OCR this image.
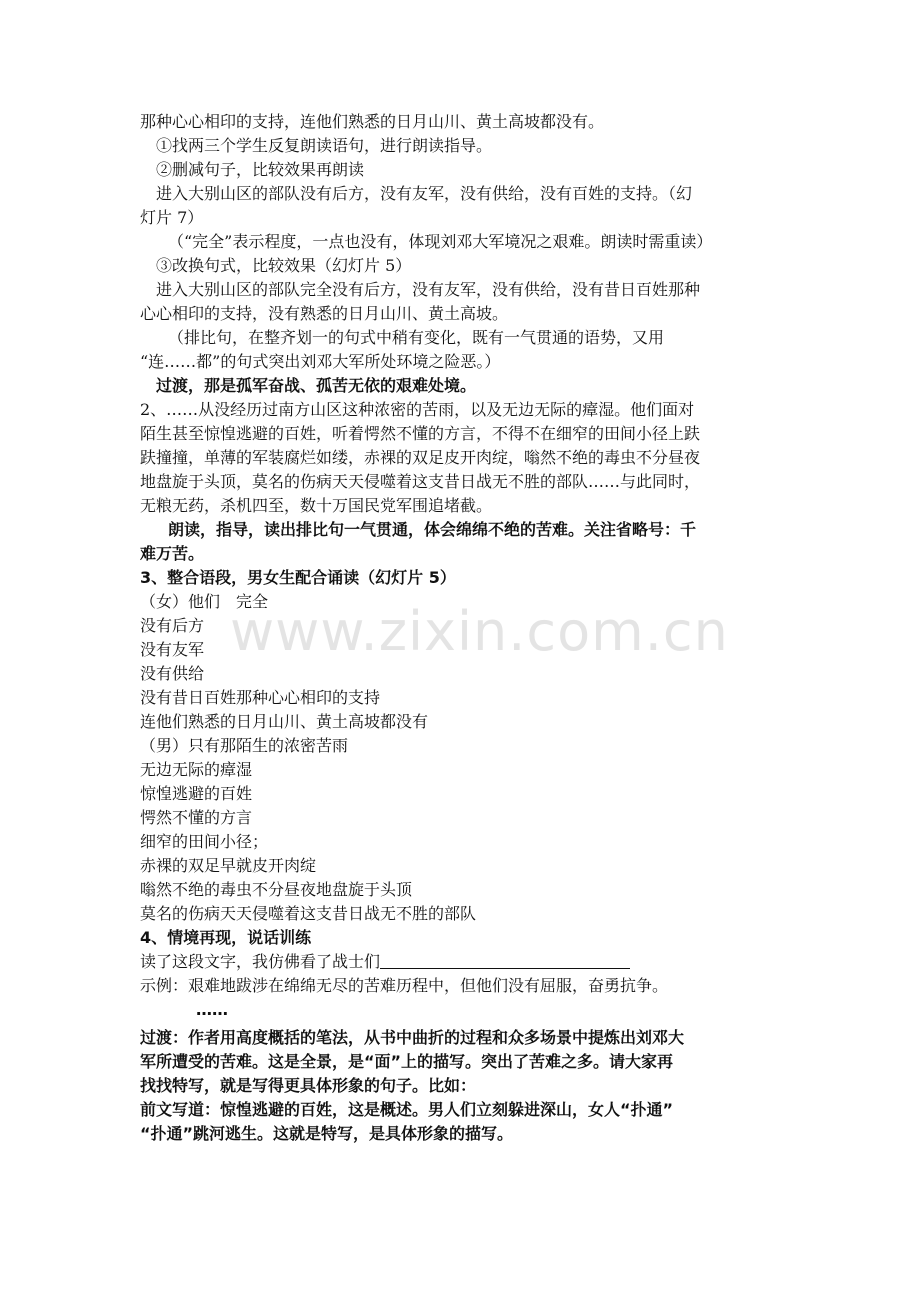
www.zixin.com.cn
那种心心相印的支持，连他们熟悉的日月山川、黄土高坡都没有。
①找两三个学生反复朗读语句，进行朗读指导。
②删减句子，比较效果再朗读
进入大别山区的部队没有后方，没有友军，没有供给，没有百姓的支持。（幻
灯片 7）
（“完全”表示程度，一点也没有，体现刘邓大军境况之艰难。朗读时需重读）
③改换句式，比较效果（幻灯片 5）
进入大别山区的部队完全没有后方，没有友军，没有供给，没有昔日百姓那种
心心相印的支持，没有熟悉的日月山川、黄土高坡。
（排比句，在整齐划一的句式中稍有变化，既有一气贯通的语势，又用
“连……都”的句式突出刘邓大军所处环境之险恶。）
过渡，那是孤军奋战、孤苦无依的艰难处境。
2、……从没经历过南方山区这种浓密的苦雨，以及无边无际的瘴湿。他们面对
陌生甚至惊惶逃避的百姓，听着愕然不懂的方言，不得不在细窄的田间小径上趺
趺撞撞，单薄的军装腐烂如缕，赤裸的双足皮开肉绽，嗡然不绝的毒虫不分昼夜
地盘旋于头顶，莫名的伤病天天侵噬着这支昔日战无不胜的部队……与此同时，
无粮无药，杀机四至，数十万国民党军围追堵截。
朗读，指导，读出排比句一气贯通，体会绵绵不绝的苦难。关注省略号：千
难万苦。
3、整合语段，男女生配合诵读（幻灯片 5）
（女）他们　完全
没有后方
没有友军
没有供给
没有昔日百姓那种心心相印的支持
连他们熟悉的日月山川、黄土高坡都没有
（男）只有那陌生的浓密苦雨
无边无际的瘴湿
惊惶逃避的百姓
愕然不懂的方言
细窄的田间小径；
赤裸的双足早就皮开肉绽
嗡然不绝的毒虫不分昼夜地盘旋于头顶
莫名的伤病天天侵噬着这支昔日战无不胜的部队
4、情境再现，说话训练
读了这段文字，我仿佛看了战士们
示例：艰难地跋涉在绵绵无尽的苦难历程中，但他们没有屈服，奋勇抗争。
……
过渡：作者用高度概括的笔法，从书中曲折的过程和众多场景中提炼出刘邓大
军所遭受的苦难。这是全景，是“面”上的描写。突出了苦难之多。请大家再
找找特写，就是写得更具体形象的句子。比如：
前文写道：惊惶逃避的百姓，这是概述。男人们立刻躲进深山，女人“扑通”
“扑通”跳河逃生。这就是特写，是具体形象的描写。
